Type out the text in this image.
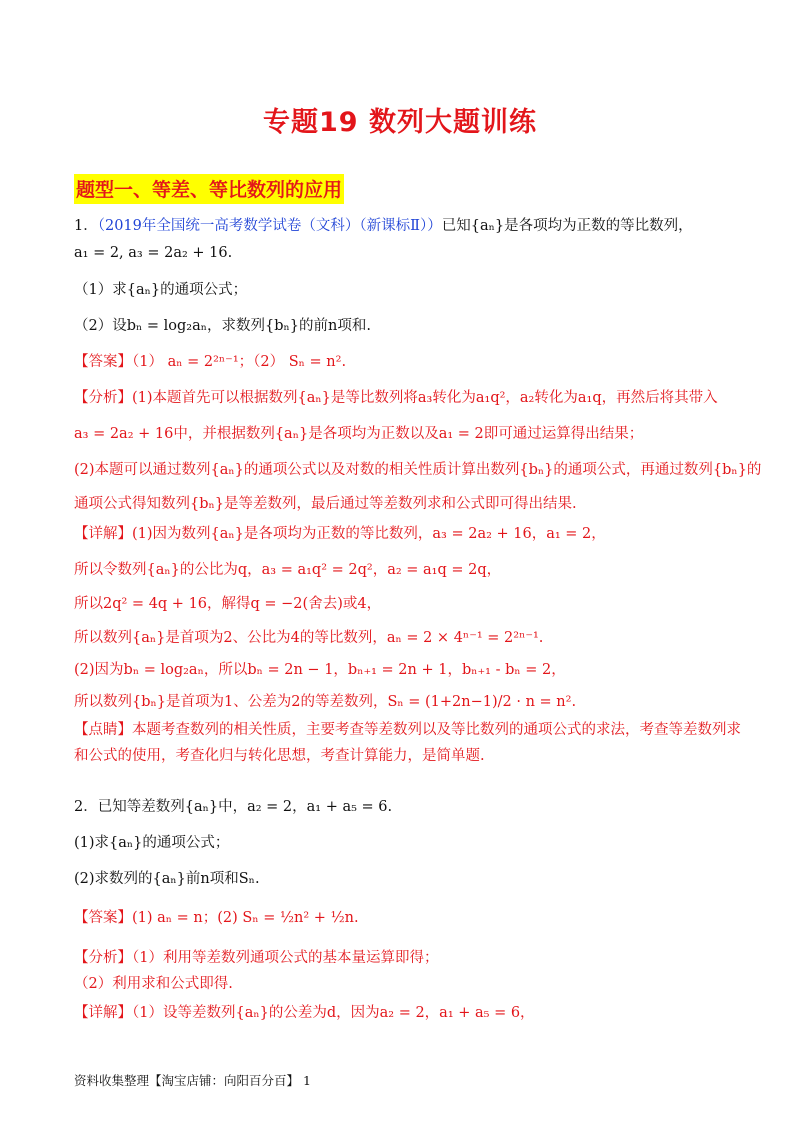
专题19 数列大题训练
题型一、等差、等比数列的应用
1．（2019年全国统一高考数学试卷（文科）（新课标Ⅱ））已知{aₙ}是各项均为正数的等比数列，
a₁ = 2, a₃ = 2a₂ + 16.
（1）求{aₙ}的通项公式；
（2）设bₙ = log₂aₙ，求数列{bₙ}的前n项和.
【答案】（1） aₙ = 2²ⁿ⁻¹；（2） Sₙ = n².
【分析】(1)本题首先可以根据数列{aₙ}是等比数列将a₃转化为a₁q²，a₂转化为a₁q，再然后将其带入
a₃ = 2a₂ + 16中，并根据数列{aₙ}是各项均为正数以及a₁ = 2即可通过运算得出结果；
(2)本题可以通过数列{aₙ}的通项公式以及对数的相关性质计算出数列{bₙ}的通项公式，再通过数列{bₙ}的
通项公式得知数列{bₙ}是等差数列，最后通过等差数列求和公式即可得出结果.
【详解】(1)因为数列{aₙ}是各项均为正数的等比数列，a₃ = 2a₂ + 16，a₁ = 2，
所以令数列{aₙ}的公比为q，a₃ = a₁q² = 2q²，a₂ = a₁q = 2q，
所以2q² = 4q + 16，解得q = −2(舍去)或4，
所以数列{aₙ}是首项为2、公比为4的等比数列，aₙ = 2 × 4ⁿ⁻¹ = 2²ⁿ⁻¹.
(2)因为bₙ = log₂aₙ，所以bₙ = 2n − 1，bₙ₊₁ = 2n + 1，bₙ₊₁ - bₙ = 2，
所以数列{bₙ}是首项为1、公差为2的等差数列，Sₙ = (1+2n−1)/2 · n = n².
【点睛】本题考查数列的相关性质，主要考查等差数列以及等比数列的通项公式的求法，考查等差数列求
和公式的使用，考查化归与转化思想，考查计算能力，是简单题.
2．已知等差数列{aₙ}中，a₂ = 2，a₁ + a₅ = 6.
(1)求{aₙ}的通项公式；
(2)求数列的{aₙ}前n项和Sₙ.
【答案】(1) aₙ = n；(2) Sₙ = ½n² + ½n.
【分析】（1）利用等差数列通项公式的基本量运算即得；
（2）利用求和公式即得.
【详解】（1）设等差数列{aₙ}的公差为d，因为a₂ = 2，a₁ + a₅ = 6，
资料收集整理【淘宝店铺：向阳百分百】 1
